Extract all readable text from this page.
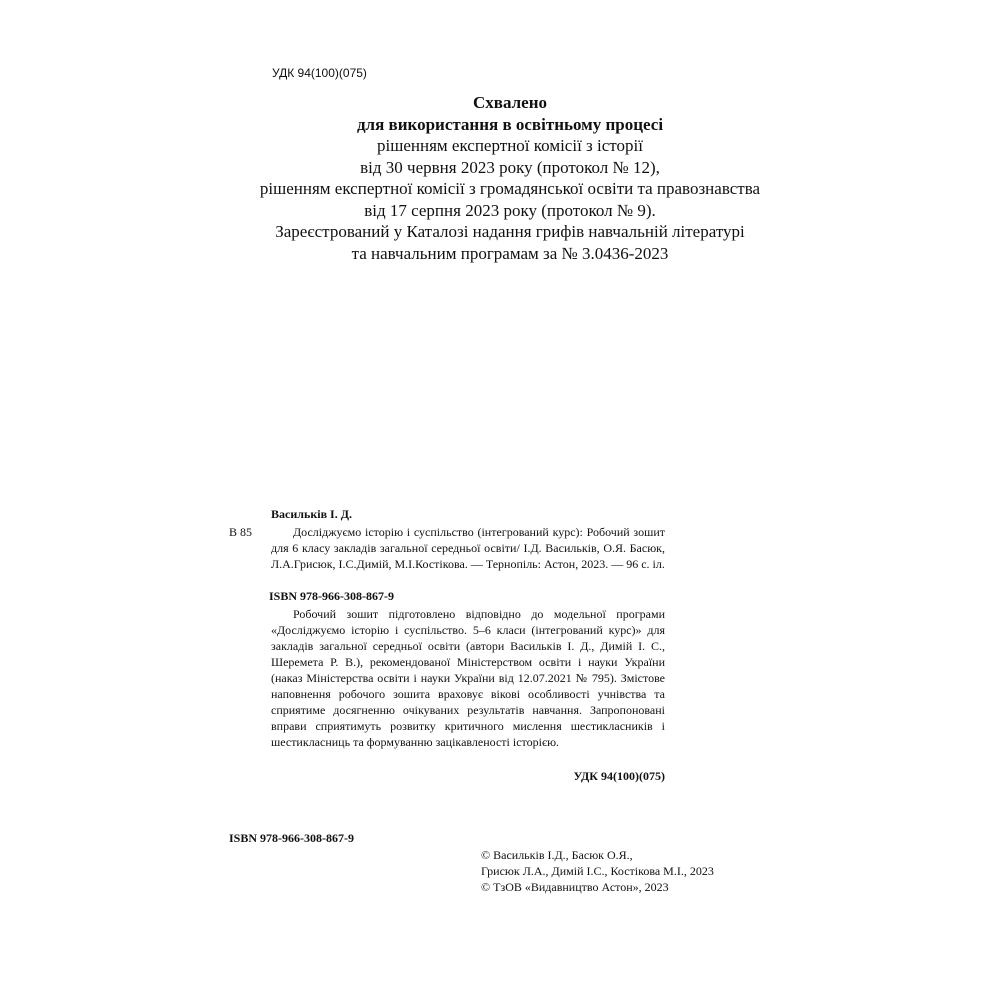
УДК 94(100)(075)
Схвалено
для використання в освітньому процесі
рішенням експертної комісії з історії
від 30 червня 2023 року (протокол № 12),
рішенням експертної комісії з громадянської освіти та правознавства
від 17 серпня 2023 року (протокол № 9).
Зареєстрований у Каталозі надання грифів навчальній літературі
та навчальним програмам за № 3.0436-2023
Васильків І. Д.
В 85	Досліджуємо історію і суспільство (інтегрований курс): Робочий зошит для 6 класу закладів загальної середньої освіти/ І.Д. Васильків, О.Я. Басюк, Л.А.Грисюк, І.С.Димій, М.І.Костікова. — Тернопіль: Астон, 2023. — 96 с. іл.
ISBN 978-966-308-867-9
Робочий зошит підготовлено відповідно до модельної програми «Досліджуємо історію і суспільство. 5–6 класи (інтегрований курс)» для закладів загальної середньої освіти (автори Васильків І. Д., Димій І. С., Шеремета Р. В.), рекомендованої Міністерством освіти і науки України (наказ Міністерства освіти і науки України від 12.07.2021 № 795). Змістове наповнення робочого зошита враховує вікові особливості учнівства та сприятиме досягненню очікуваних результатів навчання. Запропоновані вправи сприятимуть розвитку критичного мислення шестикласників і шестикласниць та формуванню зацікавленості історією.
УДК 94(100)(075)
ISBN 978-966-308-867-9
© Васильків І.Д., Басюк О.Я.,
Грисюк Л.А., Димій І.С., Костікова М.І., 2023
© ТзОВ «Видавництво Астон», 2023
